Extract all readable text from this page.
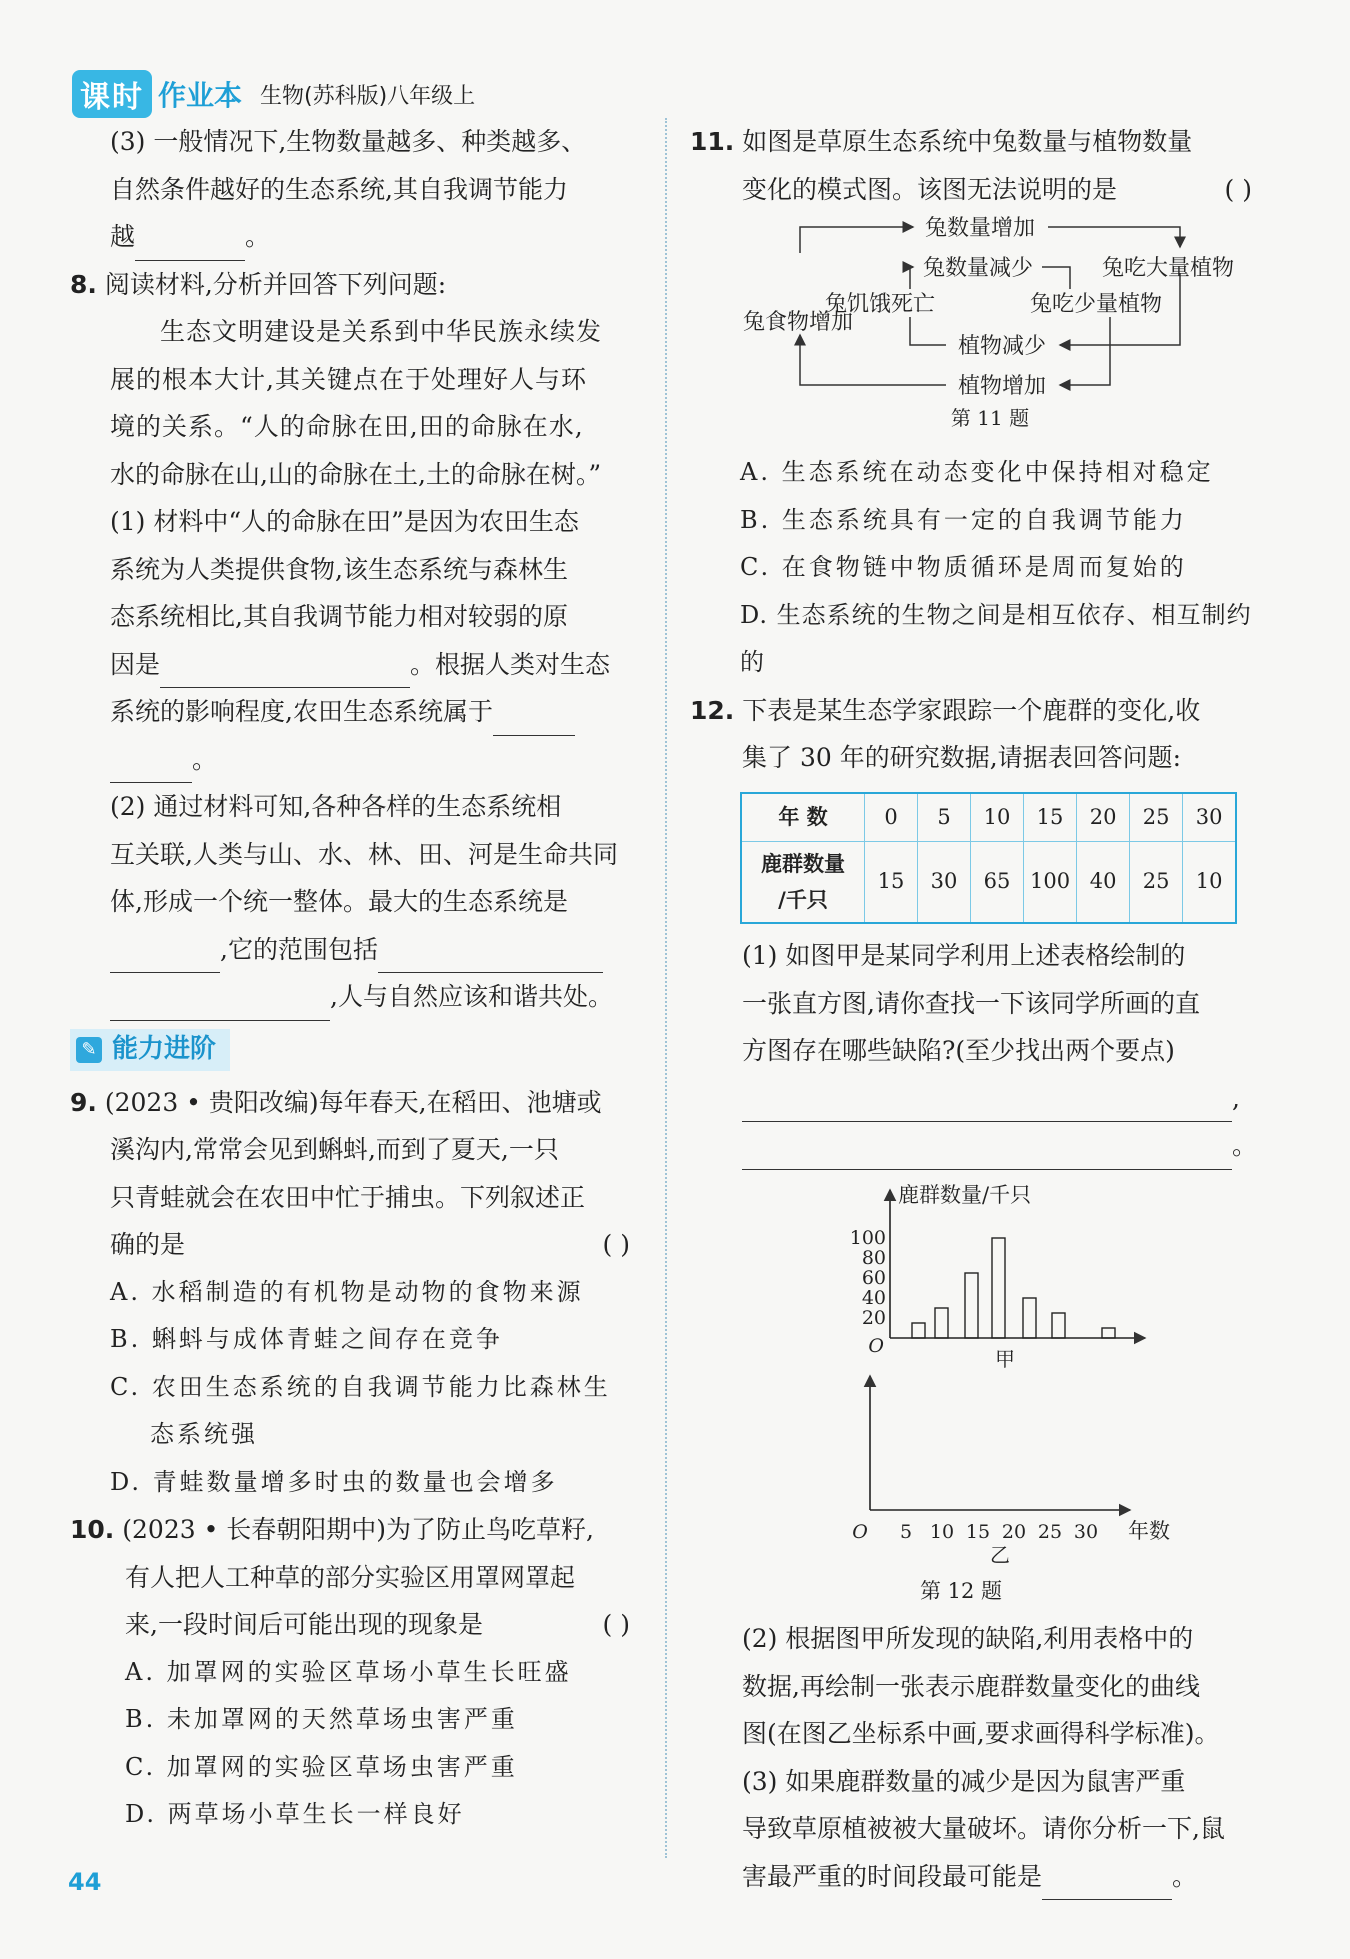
课时 作业本 生物(苏科版)八年级上

(3) 一般情况下,生物数量越多、种类越多、

自然条件越好的生态系统,其自我调节能力

越	。

8. 阅读材料,分析并回答下列问题:

生态文明建设是关系到中华民族永续发

展的根本大计,其关键点在于处理好人与环

境的关系。“人的命脉在田,田的命脉在水,

水的命脉在山,山的命脉在土,土的命脉在树。”

(1) 材料中“人的命脉在田”是因为农田生态

系统为人类提供食物,该生态系统与森林生

态系统相比,其自我调节能力相对较弱的原

因是	。根据人类对生态

系统的影响程度,农田生态系统属于

。

(2) 通过材料可知,各种各样的生态系统相

互关联,人类与山、水、林、田、河是生命共同

体,形成一个统一整体。最大的生态系统是

,它的范围包括

,人与自然应该和谐共处。

✎ 能力进阶

9. (2023 • 贵阳改编)每年春天,在稻田、池塘或

溪沟内,常常会见到蝌蚪,而到了夏天,一只

只青蛙就会在农田中忙于捕虫。下列叙述正

确的是	( )

A. 水稻制造的有机物是动物的食物来源

B. 蝌蚪与成体青蛙之间存在竞争

C. 农田生态系统的自我调节能力比森林生

态系统强

D. 青蛙数量增多时虫的数量也会增多

10. (2023 • 长春朝阳期中)为了防止鸟吃草籽,

有人把人工种草的部分实验区用罩网罩起

来,一段时间后可能出现的现象是	( )

A. 加罩网的实验区草场小草生长旺盛

B. 未加罩网的天然草场虫害严重

C. 加罩网的实验区草场虫害严重

D. 两草场小草生长一样良好

11. 如图是草原生态系统中兔数量与植物数量

变化的模式图。该图无法说明的是	( )

兔数量增加
兔数量减少	兔吃大量植物
兔饥饿死亡	兔吃少量植物
兔食物增加
植物减少
植物增加
第 11 题

A. 生态系统在动态变化中保持相对稳定

B. 生态系统具有一定的自我调节能力

C. 在食物链中物质循环是周而复始的

D. 生态系统的生物之间是相互依存、相互制约的

12. 下表是某生态学家跟踪一个鹿群的变化,收

集了 30 年的研究数据,请据表回答问题:

年 数	0	5	10	15	20	25	30
鹿群数量
/千只	15	30	65	100	40	25	10

(1) 如图甲是某同学利用上述表格绘制的

一张直方图,请你查找一下该同学所画的直

方图存在哪些缺陷?(至少找出两个要点)

,

。

鹿群数量/千只
O
20
40
60
80
100
甲
O 5 10 15 20 25 30 年数
乙

第 12 题

(2) 根据图甲所发现的缺陷,利用表格中的

数据,再绘制一张表示鹿群数量变化的曲线

图(在图乙坐标系中画,要求画得科学标准)。

(3) 如果鹿群数量的减少是因为鼠害严重

导致草原植被被大量破坏。请你分析一下,鼠

害最严重的时间段最可能是	。

44
